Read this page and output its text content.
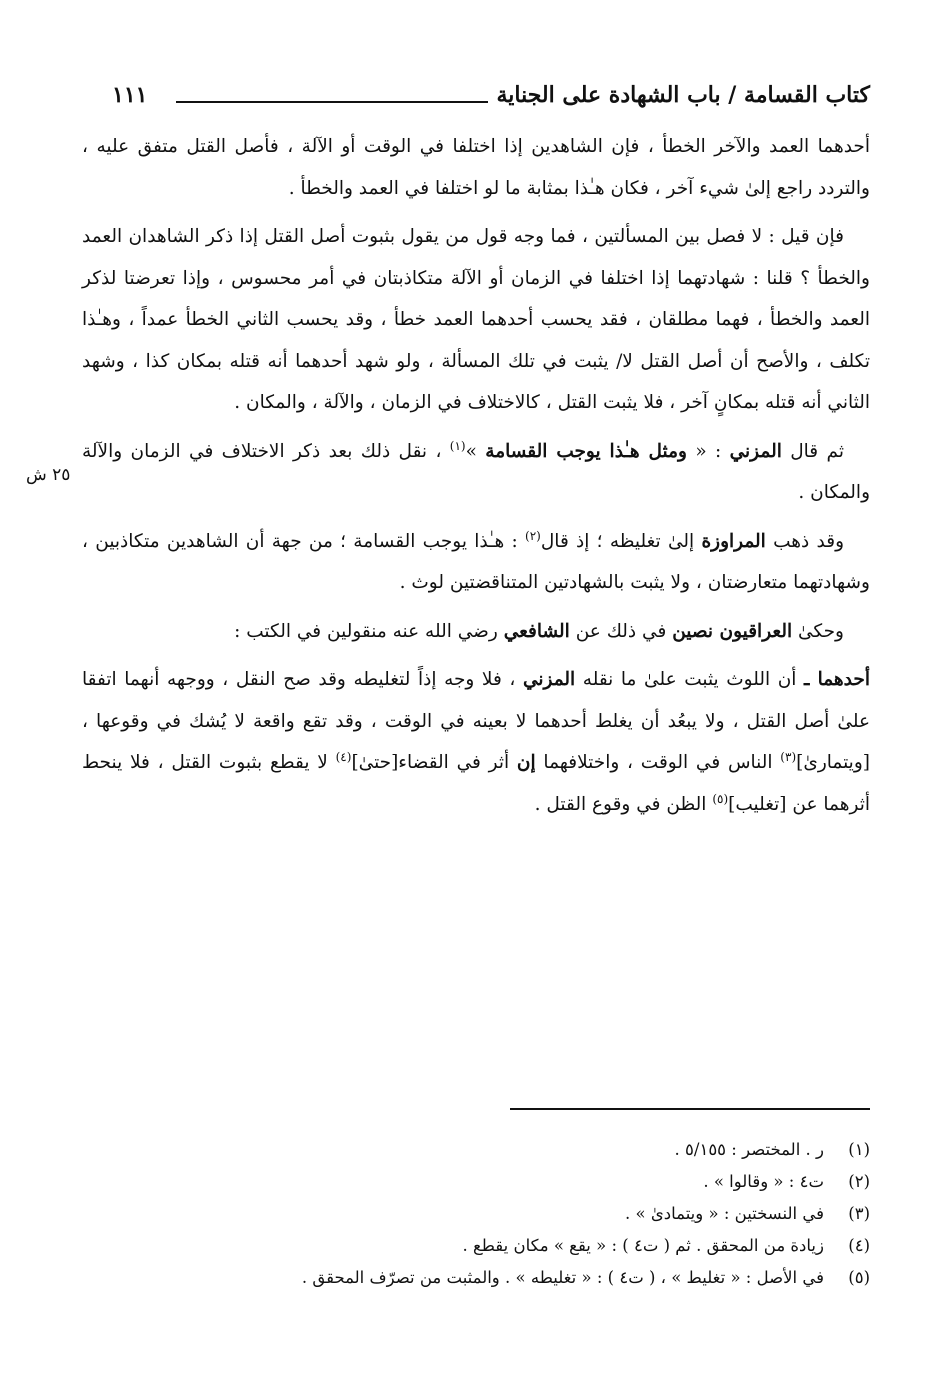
كتاب القسامة / باب الشهادة على الجناية
١١١
٢٥ ش

أحدهما العمد والآخر الخطأ ، فإن الشاهدين إذا اختلفا في الوقت أو الآلة ، فأصل القتل متفق عليه ، والتردد راجع إلىٰ شيء آخر ، فكان هـٰذا بمثابة ما لو اختلفا في العمد والخطأ .

فإن قيل : لا فصل بين المسألتين ، فما وجه قول من يقول بثبوت أصل القتل إذا ذكر الشاهدان العمد والخطأ ؟ قلنا : شهادتهما إذا اختلفا في الزمان أو الآلة متكاذبتان في أمر محسوس ، وإذا تعرضتا لذكر العمد والخطأ ، فهما مطلقان ، فقد يحسب أحدهما العمد خطأ ، وقد يحسب الثاني الخطأ عمداً ، وهـٰذا تكلف ، والأصح أن أصل القتل لا/ يثبت في تلك المسألة ، ولو شهد أحدهما أنه قتله بمكان كذا ، وشهد الثاني أنه قتله بمكانٍ آخر ، فلا يثبت القتل ، كالاختلاف في الزمان ، والآلة ، والمكان .

ثم قال المزني : « ومثل هـٰذا يوجب القسامة »$^{(١)}$ ، نقل ذلك بعد ذكر الاختلاف في الزمان والآلة والمكان .

وقد ذهب المراوزة إلىٰ تغليظه ؛ إذ قال$^{(٢)}$ : هـٰذا يوجب القسامة ؛ من جهة أن الشاهدين متكاذبين ، وشهادتهما متعارضتان ، ولا يثبت بالشهادتين المتناقضتين لوث .

وحكىٰ العراقيون نصين في ذلك عن الشافعي رضي الله عنه منقولين في الكتب :

أحدهما ـ أن اللوث يثبت علىٰ ما نقله المزني ، فلا وجه إذاً لتغليطه وقد صح النقل ، ووجهه أنهما اتفقا علىٰ أصل القتل ، ولا يبعُد أن يغلط أحدهما لا بعينه في الوقت ، وقد تقع واقعة لا يُشك في وقوعها ، [ويتمارىٰ]$^{(٣)}$ الناس في الوقت ، واختلافهما إن أثر في القضاء[حتىٰ]$^{(٤)}$ لا يقطع بثبوت القتل ، فلا ينحط أثرهما عن [تغليب]$^{(٥)}$ الظن في وقوع القتل .

(١)
ر . المختصر : ٥/١٥٥ .
(٢)
ت٤ : « وقالوا » .
(٣)
في النسختين : « ويتمادىٰ » .
(٤)
زيادة من المحقق . ثم ( ت٤ ) : « يقع » مكان يقطع .
(٥)
في الأصل : « تغليط » ، ( ت٤ ) : « تغليطه » . والمثبت من تصرّف المحقق .
